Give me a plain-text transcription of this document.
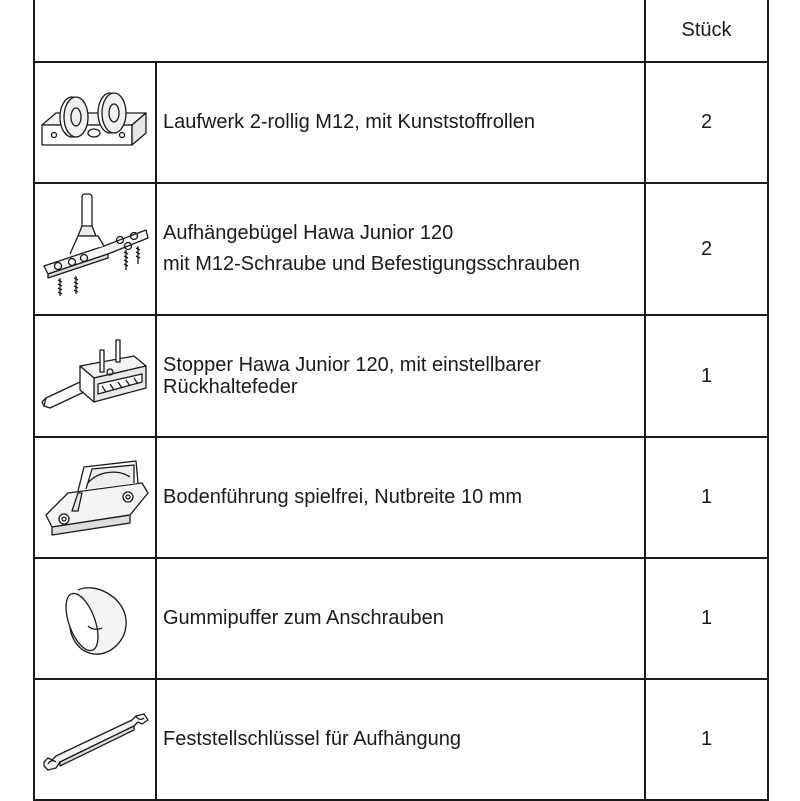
		Stück

Laufwerk 2-rollig M12, mit Kunststoffrollen	2

Aufhängebügel Hawa Junior 120
mit M12-Schraube und Befestigungsschrauben	2

Stopper Hawa Junior 120, mit einstellbarer
Rückhaltefeder	1

Bodenführung spielfrei, Nutbreite 10 mm	1

Gummipuffer zum Anschrauben	1

Feststellschlüssel für Aufhängung	1
